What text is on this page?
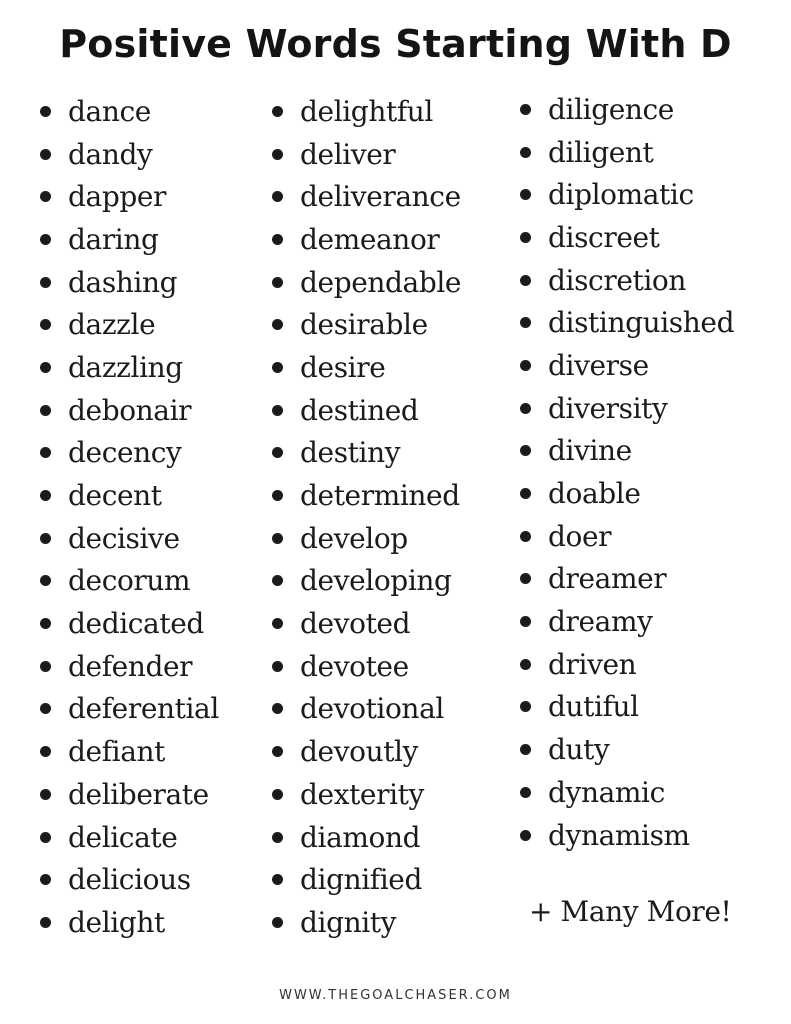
Positive Words Starting With D
dance
dandy
dapper
daring
dashing
dazzle
dazzling
debonair
decency
decent
decisive
decorum
dedicated
defender
deferential
defiant
deliberate
delicate
delicious
delight
delightful
deliver
deliverance
demeanor
dependable
desirable
desire
destined
destiny
determined
develop
developing
devoted
devotee
devotional
devoutly
dexterity
diamond
dignified
dignity
diligence
diligent
diplomatic
discreet
discretion
distinguished
diverse
diversity
divine
doable
doer
dreamer
dreamy
driven
dutiful
duty
dynamic
dynamism
+ Many More!
WWW.THEGOALCHASER.COM
